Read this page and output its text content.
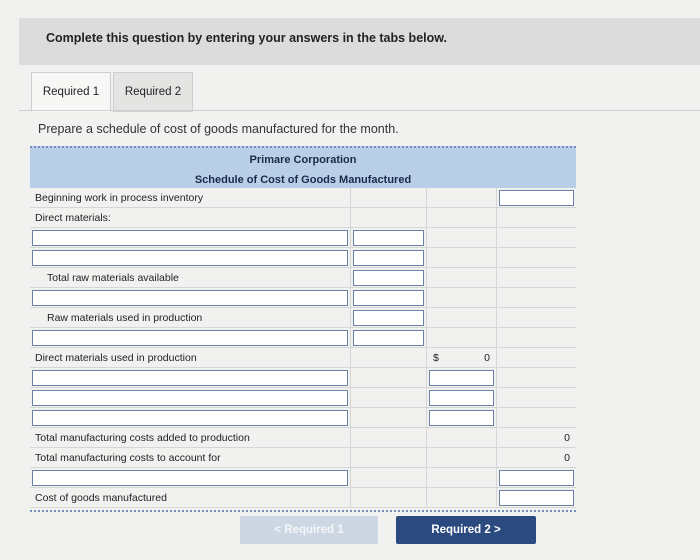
Complete this question by entering your answers in the tabs below.
Required 1	Required 2
Prepare a schedule of cost of goods manufactured for the month.
Primare Corporation
Schedule of Cost of Goods Manufactured
Beginning work in process inventory
Direct materials:
Total raw materials available
Raw materials used in production
Direct materials used in production	$	0
Total manufacturing costs added to production	0
Total manufacturing costs to account for	0
Cost of goods manufactured
< Required 1	Required 2 >
